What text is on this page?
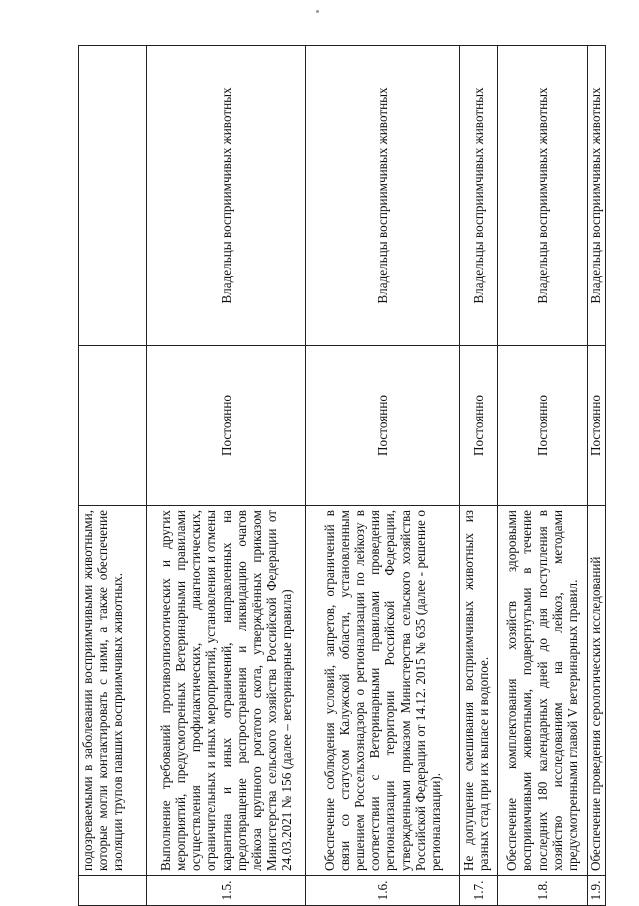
	подозреваемыми в заболевании восприимчивыми животными, которые могли контактировать с ними, а также обеспечение изоляции трупов павших восприимчивых животных.		
1.5.	Выполнение требований противоэпизоотических и других мероприятий, предусмотренных Ветеринарными правилами осуществления профилактических, диагностических, ограничительных и иных мероприятий, установления и отмены карантина и иных ограничений, направленных на предотвращение распространения и ликвидацию очагов лейкоза крупного рогатого скота, утверждённых приказом Министерства сельского хозяйства Российской Федерации от 24.03.2021 № 156 (далее – ветеринарные правила)	Постоянно	Владельцы восприимчивых животных
1.6.	Обеспечение соблюдения условий, запретов, ограничений в связи со статусом Калужской области, установленным решением Россельхознадзора о регионализации по лейкозу в соответствии с Ветеринарными правилами проведения регионализации территории Российской Федерации, утвержденными приказом Министерства сельского хозяйства Российской Федерации от 14.12. 2015 № 635 (далее - решение о регионализации).	Постоянно	Владельцы восприимчивых животных
1.7.	Не допущение смешивания восприимчивых животных из разных стад при их выпасе и водопое.	Постоянно	Владельцы восприимчивых животных
1.8.	Обеспечение комплектования хозяйств здоровыми восприимчивыми животными, подвергнутыми в течение последних 180 календарных дней до дня поступления в хозяйство исследованиям на лейкоз, методами предусмотренными главой V ветеринарных правил.	Постоянно	Владельцы восприимчивых животных
1.9.	Обеспечение проведения серологических исследований	Постоянно	Владельцы восприимчивых животных
